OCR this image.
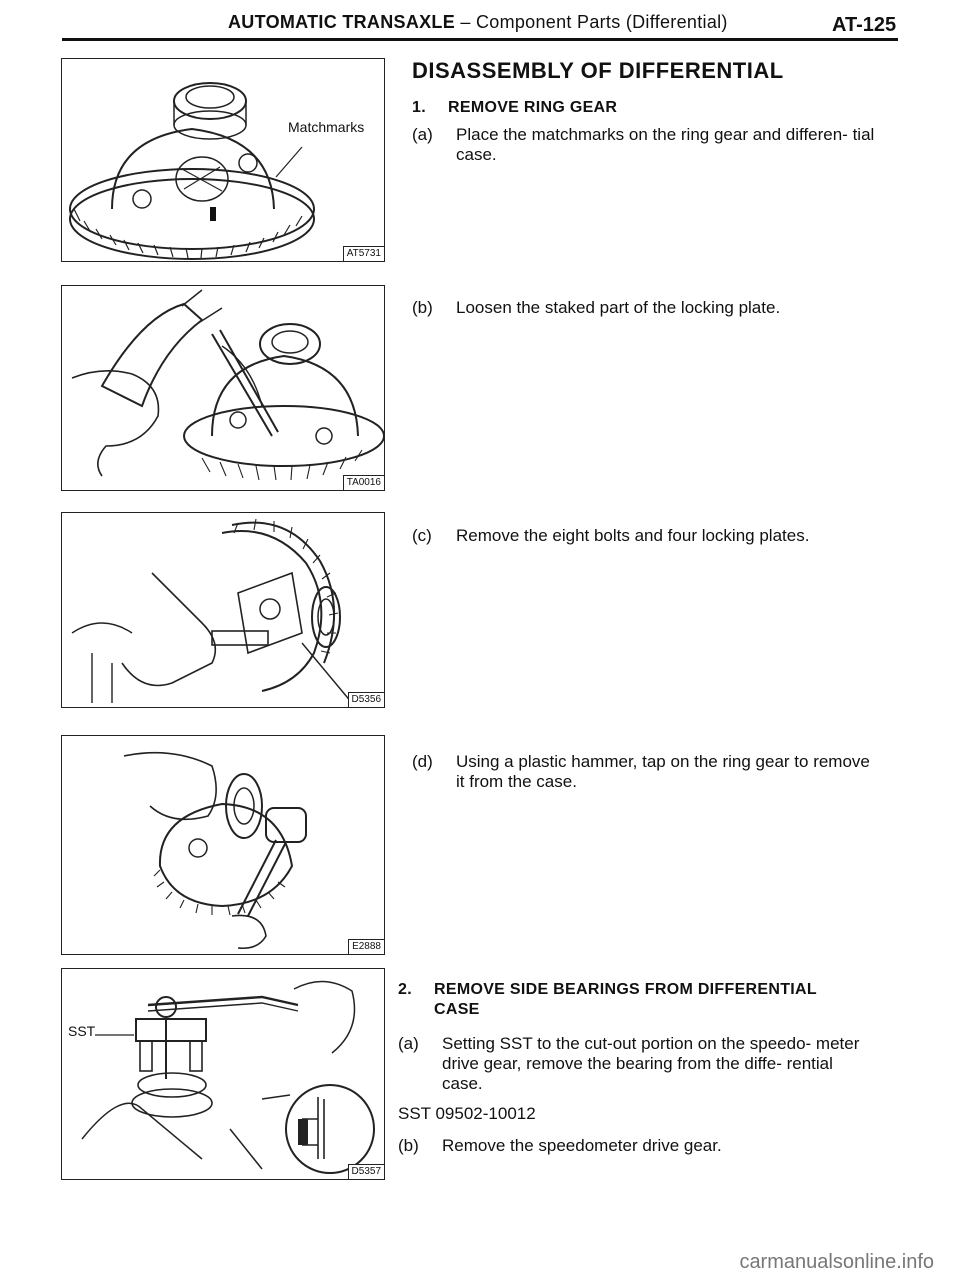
AUTOMATIC TRANSAXLE – Component Parts (Differential)	AT-125
Matchmarks
AT5731
TA0016
D5356
E2888
SST
D5357
DISASSEMBLY OF DIFFERENTIAL
1. REMOVE RING GEAR
(a) Place the matchmarks on the ring gear and differen- tial case.
(b) Loosen the staked part of the locking plate.
(c) Remove the eight bolts and four locking plates.
(d) Using a plastic hammer, tap on the ring gear to remove it from the case.
2. REMOVE SIDE BEARINGS FROM DIFFERENTIAL CASE
(a) Setting SST to the cut-out portion on the speedo- meter drive gear, remove the bearing from the diffe- rential case.
SST 09502-10012
(b) Remove the speedometer drive gear.
carmanualsonline.info
